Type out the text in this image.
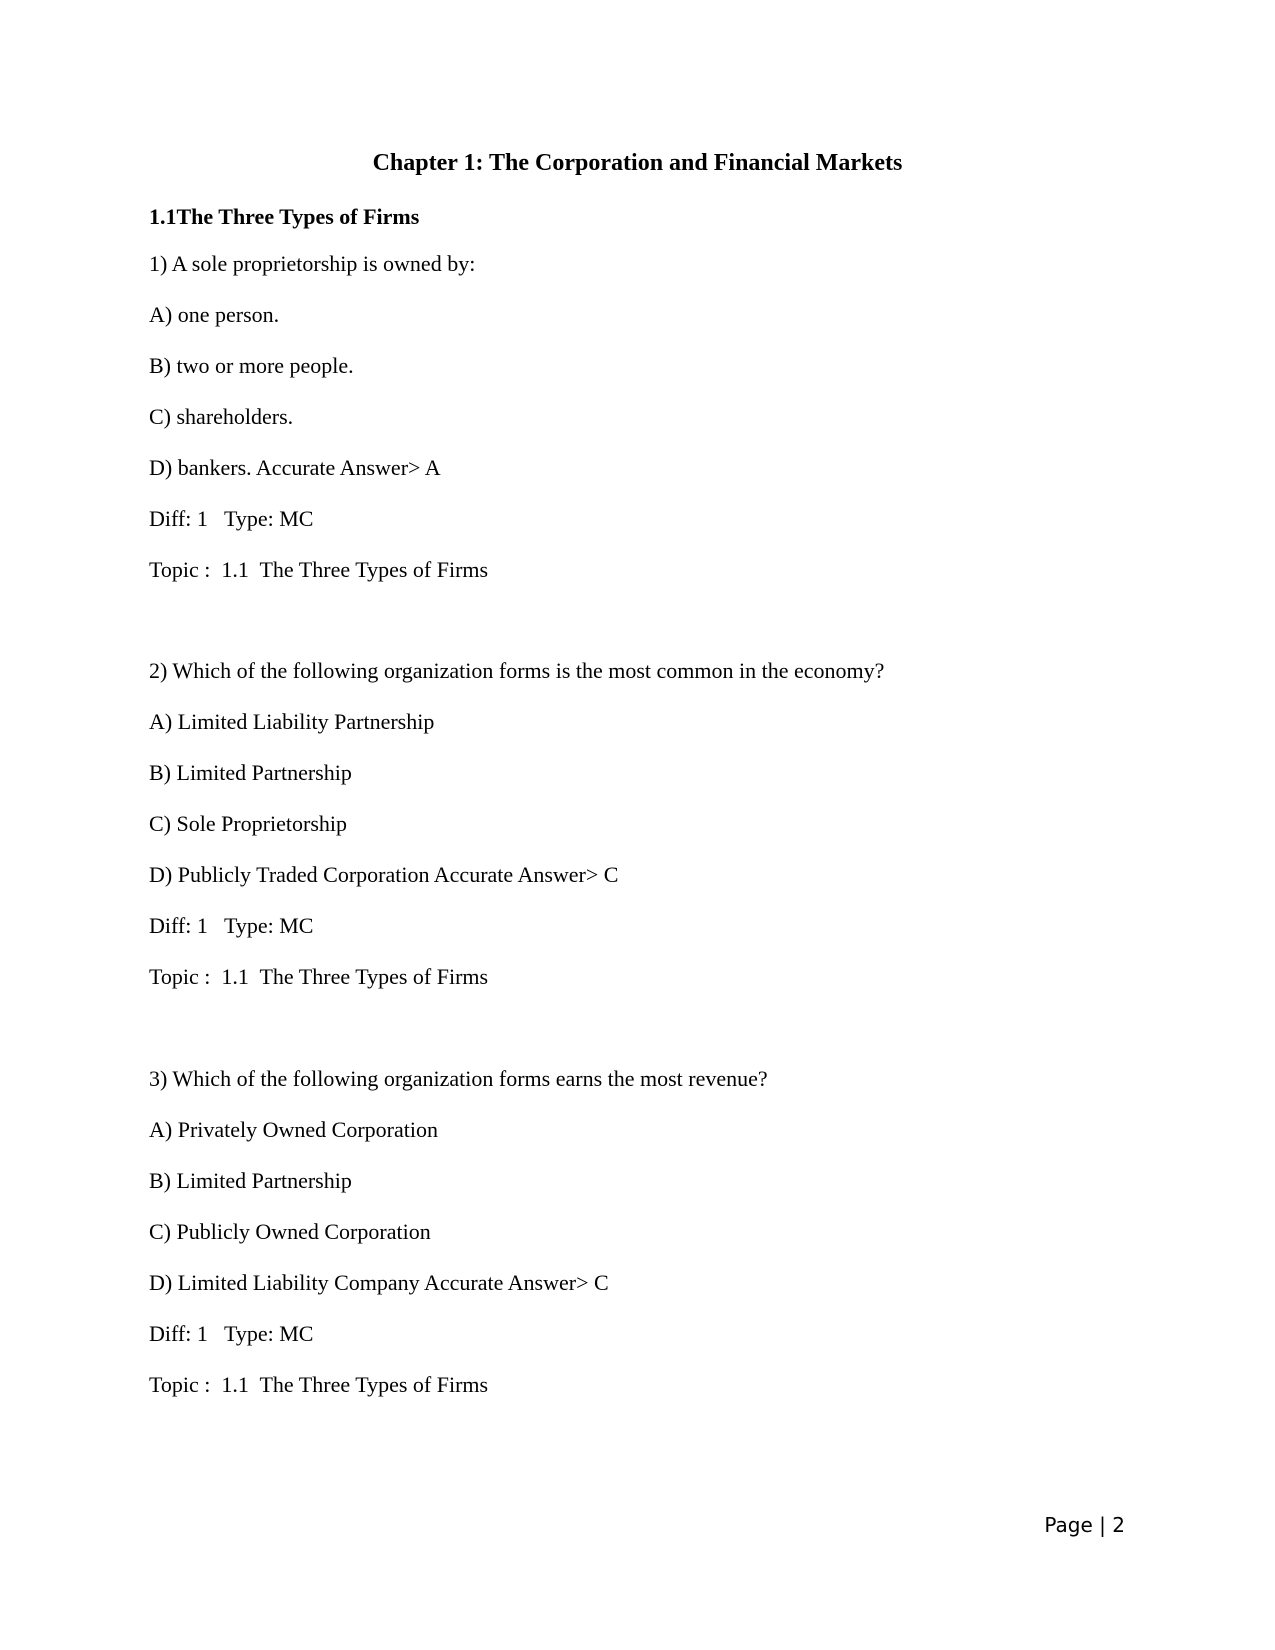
Chapter 1: The Corporation and Financial Markets
1.1The Three Types of Firms
1) A sole proprietorship is owned by:
A) one person.
B) two or more people.
C) shareholders.
D) bankers. Accurate Answer> A
Diff: 1   Type: MC
Topic :  1.1  The Three Types of Firms
2) Which of the following organization forms is the most common in the economy?
A) Limited Liability Partnership
B) Limited Partnership
C) Sole Proprietorship
D) Publicly Traded Corporation Accurate Answer> C
Diff: 1   Type: MC
Topic :  1.1  The Three Types of Firms
3) Which of the following organization forms earns the most revenue?
A) Privately Owned Corporation
B) Limited Partnership
C) Publicly Owned Corporation
D) Limited Liability Company Accurate Answer> C
Diff: 1   Type: MC
Topic :  1.1  The Three Types of Firms
Page | 2
